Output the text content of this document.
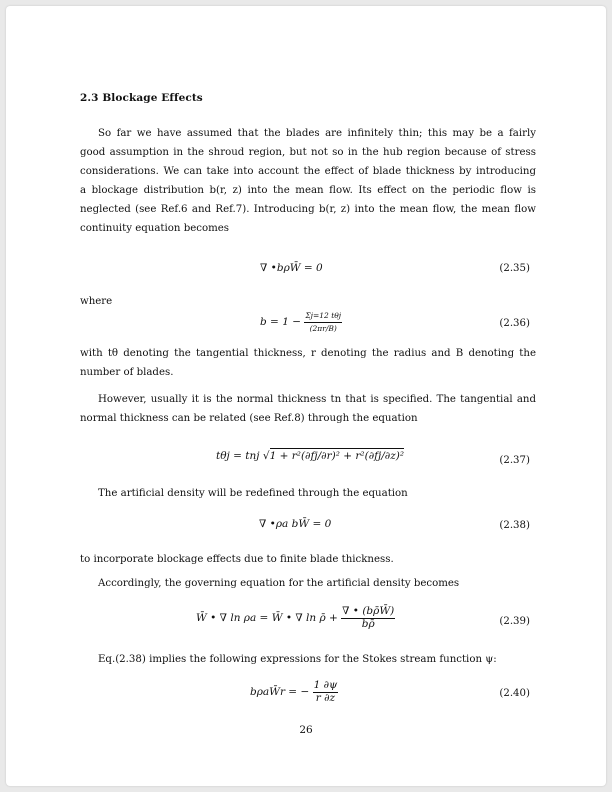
2.3 Blockage Effects
So far we have assumed that the blades are infinitely thin; this may be a fairly
good assumption in the shroud region, but not so in the hub region because of stress
considerations. We can take into account the effect of blade thickness by introducing
a blockage distribution b(r, z) into the mean flow. Its effect on the periodic flow is
neglected (see Ref.6 and Ref.7). Introducing b(r, z) into the mean flow, the mean flow
continuity equation becomes
∇ •bρW̄ = 0	(2.35)
where
$b = 1 - \frac{\text{Σj=12 tθj}}{(2\pi r/B)}$	(2.36)
with tθ denoting the tangential thickness, r denoting the radius and B denoting the
number of blades.
However, usually it is the normal thickness tn that is specified. The tangential and
normal thickness can be related (see Ref.8) through the equation
tθj = tnj √1 + r²(∂fj/∂r)² + r²(∂fj/∂z)²	(2.37)
The artificial density will be redefined through the equation
∇ •ρa bW̄ = 0	(2.38)
to incorporate blockage effects due to finite blade thickness.
Accordingly, the governing equation for the artificial density becomes
W̄ • ∇ ln ρa = W̄ • ∇ ln ρ̄ + $\frac{\nabla • (b\rhōW̄)}{b\rhō}$	(2.39)
Eq.(2.38) implies the following expressions for the Stokes stream function ψ:
bρaW̄r = − $\frac{1 \partial\psi}{r \partial z}$	(2.40)
26
